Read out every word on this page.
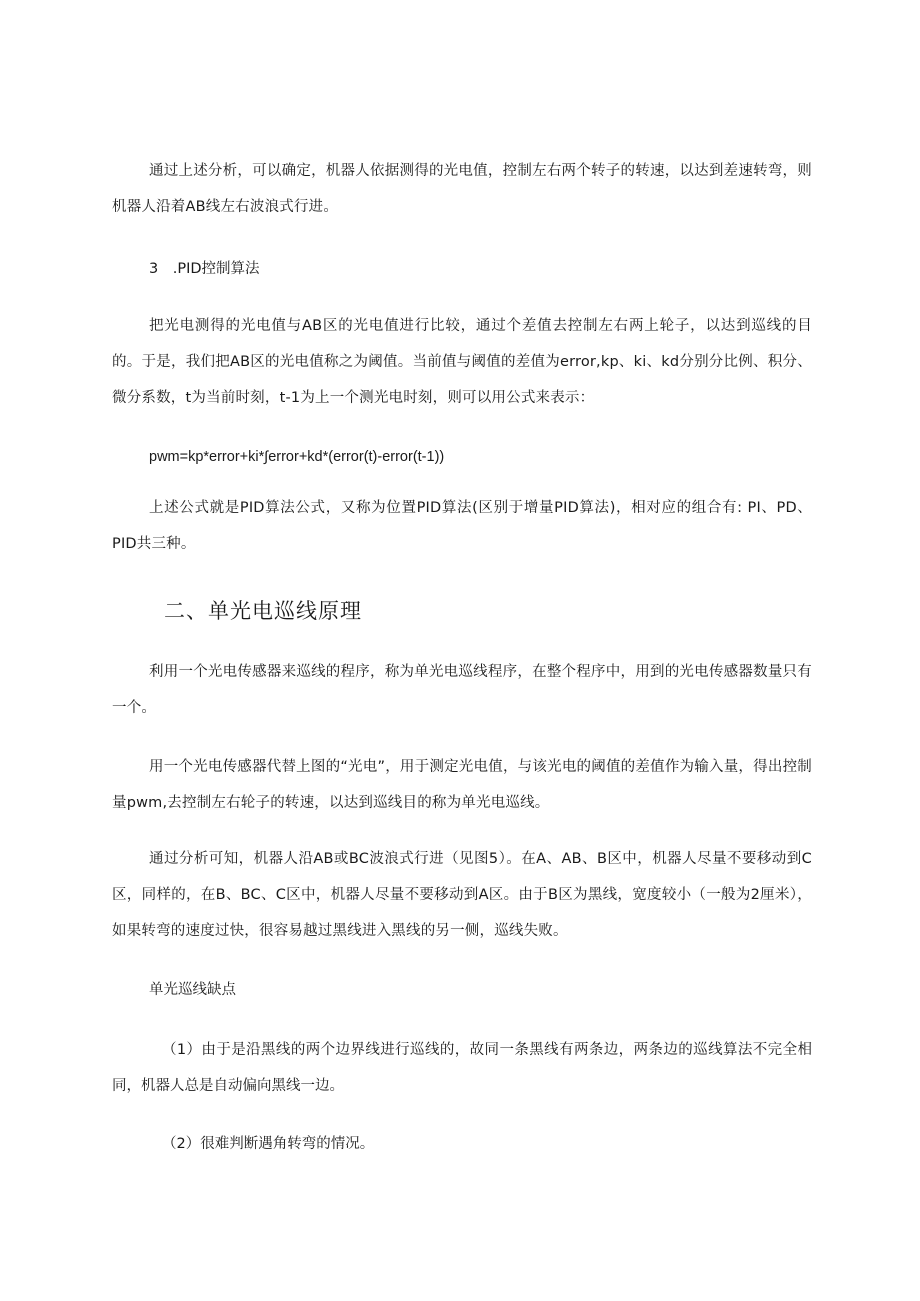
通过上述分析，可以确定，机器人依据测得的光电值，控制左右两个转子的转速，以达到差速转弯，则机器人沿着AB线左右波浪式行进。

3　.PID控制算法

把光电测得的光电值与AB区的光电值进行比较，通过个差值去控制左右两上轮子，以达到巡线的目的。于是，我们把AB区的光电值称之为阈值。当前值与阈值的差值为error,kp、ki、kd分别分比例、积分、微分系数，t为当前时刻，t-1为上一个测光电时刻，则可以用公式来表示：

pwm=kp*error+ki*∫error+kd*(error(t)-error(t-1))

上述公式就是PID算法公式，又称为位置PID算法(区别于增量PID算法)，相对应的组合有: PI、PD、PID共三种。

二、单光电巡线原理

利用一个光电传感器来巡线的程序，称为单光电巡线程序，在整个程序中，用到的光电传感器数量只有一个。

用一个光电传感器代替上图的“光电”，用于测定光电值，与该光电的阈值的差值作为输入量，得出控制量pwm,去控制左右轮子的转速，以达到巡线目的称为单光电巡线。

通过分析可知，机器人沿AB或BC波浪式行进（见图5）。在A、AB、B区中，机器人尽量不要移动到C区，同样的，在B、BC、C区中，机器人尽量不要移动到A区。由于B区为黑线，宽度较小（一般为2厘米），如果转弯的速度过快，很容易越过黑线进入黑线的另一侧，巡线失败。

单光巡线缺点

（1）由于是沿黑线的两个边界线进行巡线的，故同一条黑线有两条边，两条边的巡线算法不完全相同，机器人总是自动偏向黑线一边。

（2）很难判断遇角转弯的情况。
